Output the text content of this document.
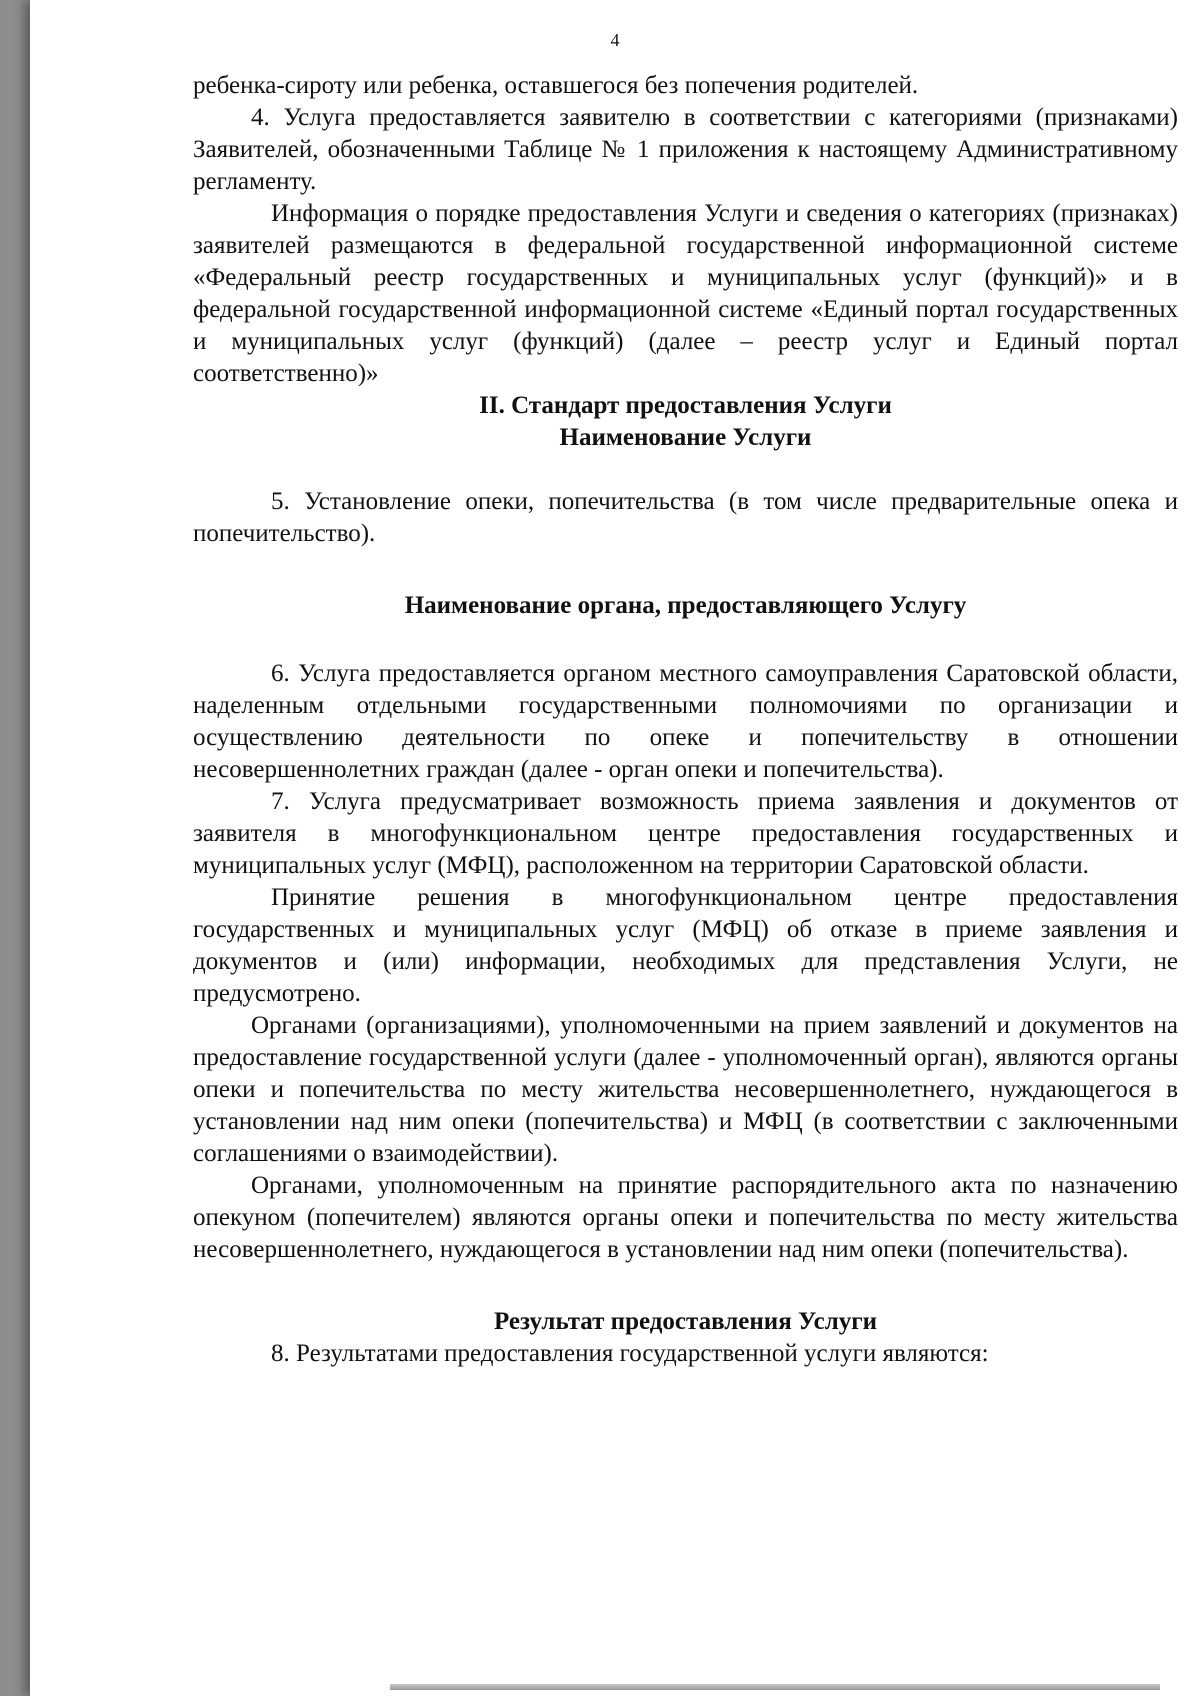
4

ребенка-сироту или ребенка, оставшегося без попечения родителей.

4. Услуга предоставляется заявителю в соответствии с категориями (признаками) Заявителей, обозначенными Таблице № 1 приложения к настоящему Административному регламенту.

Информация о порядке предоставления Услуги и сведения о категориях (признаках) заявителей размещаются в федеральной государственной информационной системе «Федеральный реестр государственных и муниципальных услуг (функций)» и в федеральной государственной информационной системе «Единый портал государственных и муниципальных услуг (функций) (далее – реестр услуг и Единый портал соответственно)»

II. Стандарт предоставления Услуги

Наименование Услуги

5. Установление опеки, попечительства (в том числе предварительные опека и попечительство).

Наименование органа, предоставляющего Услугу

6. Услуга предоставляется органом местного самоуправления Саратовской области, наделенным отдельными государственными полномочиями по организации и осуществлению деятельности по опеке и попечительству в отношении несовершеннолетних граждан (далее - орган опеки и попечительства).

7. Услуга предусматривает возможность приема заявления и документов от заявителя в многофункциональном центре предоставления государственных и муниципальных услуг (МФЦ), расположенном на территории Саратовской области.

Принятие решения в многофункциональном центре предоставления государственных и муниципальных услуг (МФЦ) об отказе в приеме заявления и документов и (или) информации, необходимых для представления Услуги, не предусмотрено.

Органами (организациями), уполномоченными на прием заявлений и документов на предоставление государственной услуги (далее - уполномоченный орган), являются органы опеки и попечительства по месту жительства несовершеннолетнего, нуждающегося в установлении над ним опеки (попечительства) и МФЦ (в соответствии с заключенными соглашениями о взаимодействии).

Органами, уполномоченным на принятие распорядительного акта по назначению опекуном (попечителем) являются органы опеки и попечительства по месту жительства несовершеннолетнего, нуждающегося в установлении над ним опеки (попечительства).

Результат предоставления Услуги

8. Результатами предоставления государственной услуги являются:
